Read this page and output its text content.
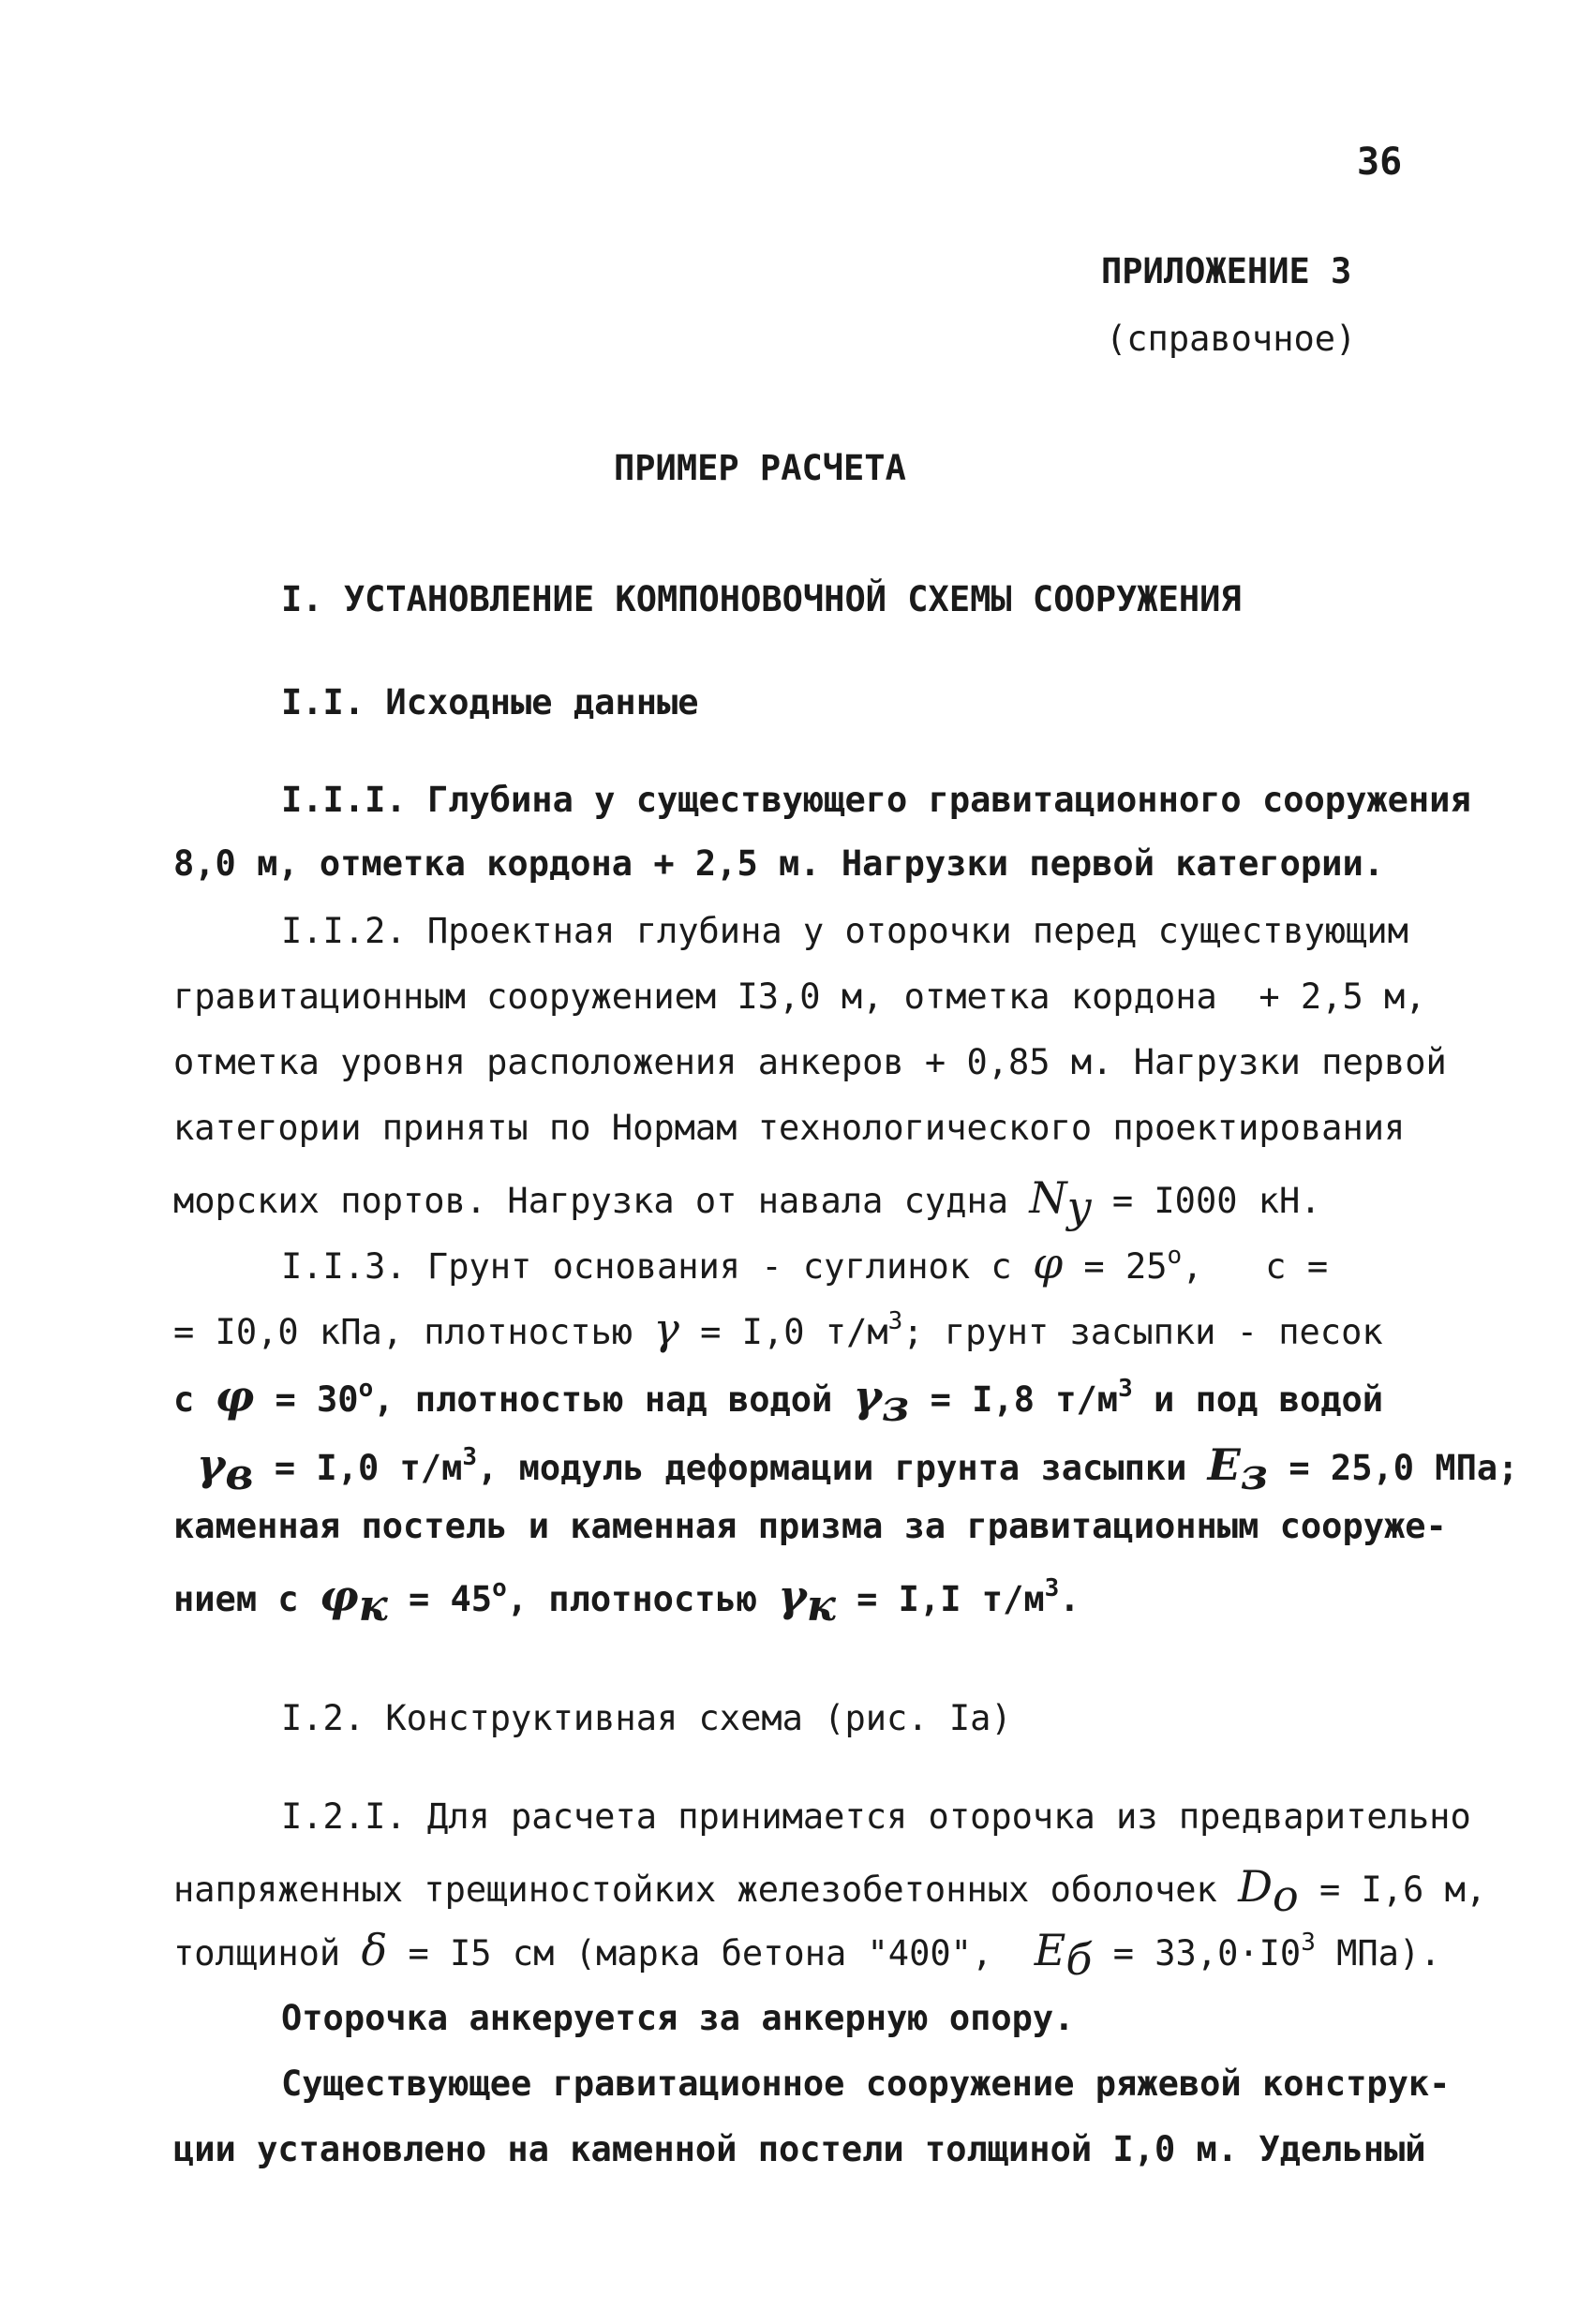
36
ПРИЛОЖЕНИЕ 3
(справочное)
ПРИМЕР РАСЧЕТА
I. УСТАНОВЛЕНИЕ КОМПОНОВОЧНОЙ СХЕМЫ СООРУЖЕНИЯ
I.I. Исходные данные
I.I.I. Глубина у существующего гравитационного сооружения
8,0 м, отметка кордона + 2,5 м. Нагрузки первой категории.
I.I.2. Проектная глубина у оторочки перед существующим
гравитационным сооружением I3,0 м, отметка кордона  + 2,5 м,
отметка уровня расположения анкеров + 0,85 м. Нагрузки первой
категории приняты по Нормам технологического проектирования
морских портов. Нагрузка от навала судна $N_y = I000$ кН.
I.I.3. Грунт основания - суглинок с $\varphi = 25^o$,   c =
= I0,0 кПа, плотностью γ = I,0 $т/м^3$; грунт засыпки - песок
с $\varphi = 30^o$, плотностью над водой $\gamma_з = I,8$ $т/м^3$ и под водой
$\gamma_в = I,0$ $т/м^3$, модуль деформации грунта засыпки $E_з = 25,0$ МПа;
каменная постель и каменная призма за гравитационным сооруже-
нием с $\varphi_к = 45^o$, плотностью $\gamma_к = I,I$ $т/м^3$.
I.2. Конструктивная схема (рис. Iа)
I.2.I. Для расчета принимается оторочка из предварительно
напряженных трещиностойких железобетонных оболочек $D_o = I,6$ м,
толщиной δ = I5 см (марка бетона "400",  $E_б = 33,0\cdot I0^3$ МПа).
Оторочка анкеруется за анкерную опору.
Существующее гравитационное сооружение ряжевой конструк-
ции установлено на каменной постели толщиной I,0 м. Удельный
